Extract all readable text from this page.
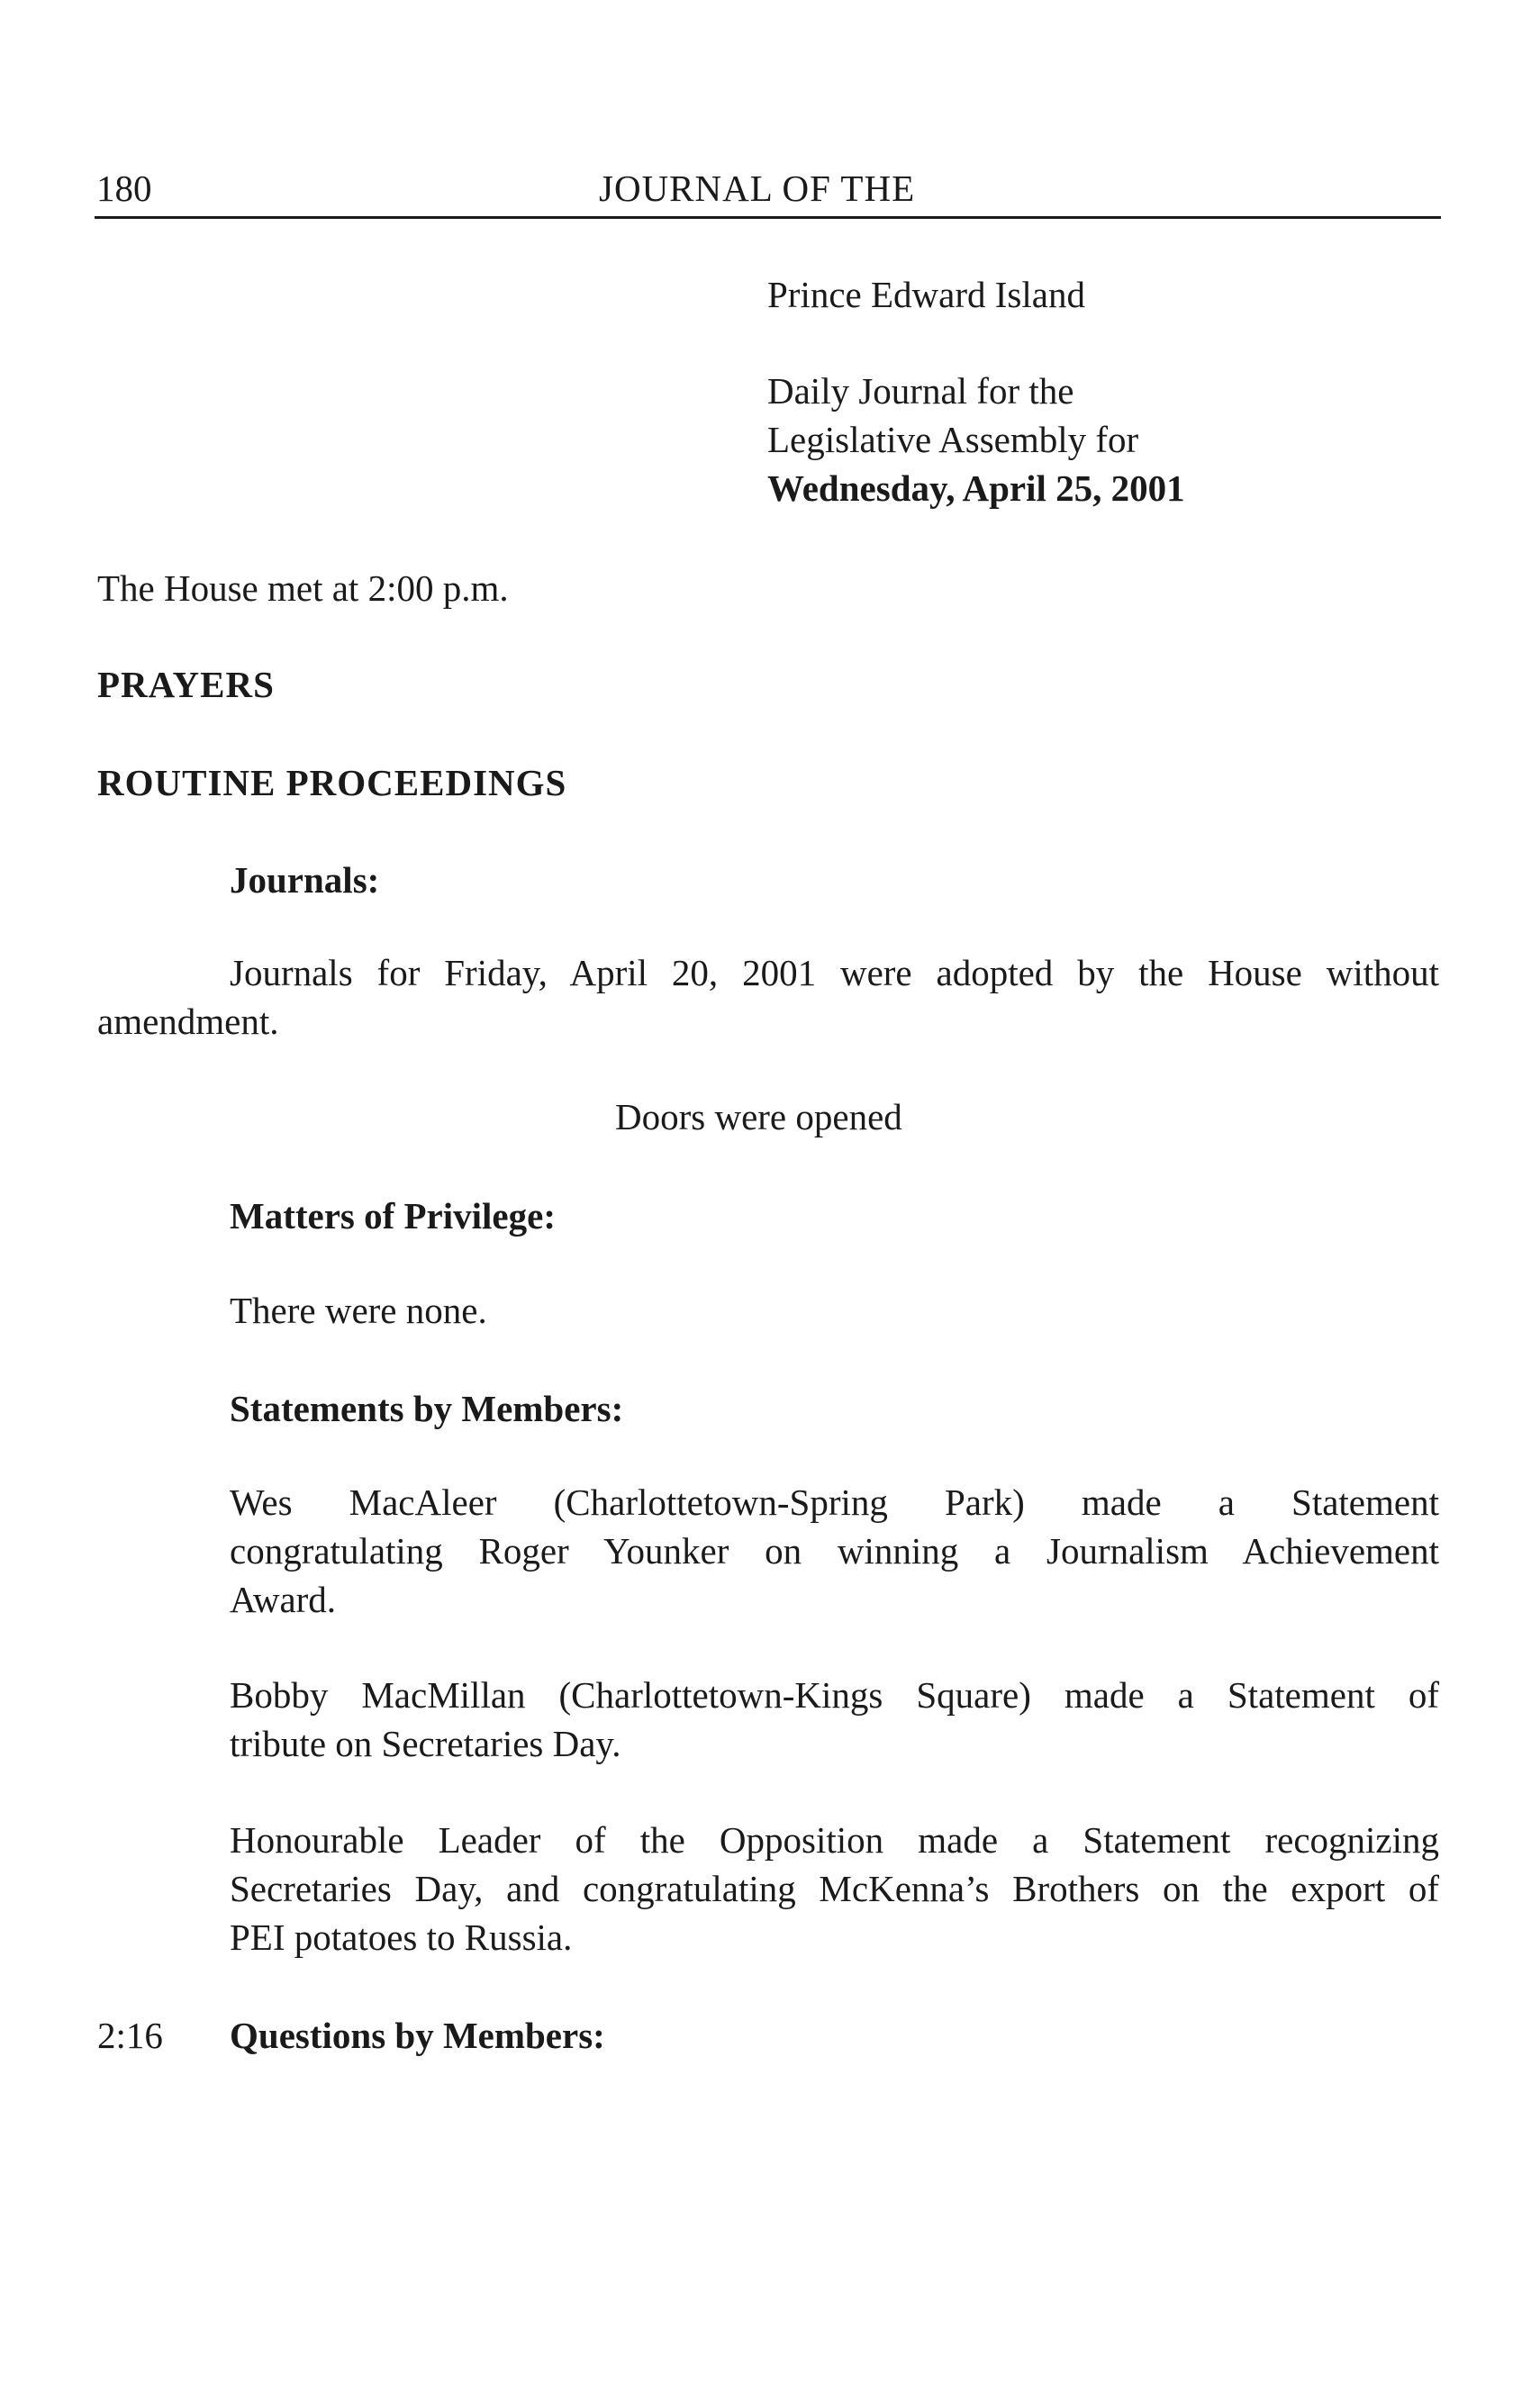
180	JOURNAL OF THE
Prince Edward Island
Daily Journal for the
Legislative Assembly for
Wednesday, April 25, 2001
The House met at 2:00 p.m.
PRAYERS
ROUTINE PROCEEDINGS
Journals:
Journals for Friday, April 20, 2001 were adopted by the House without amendment.
Doors were opened
Matters of Privilege:
There were none.
Statements by Members:
Wes MacAleer (Charlottetown-Spring Park) made a Statement
congratulating Roger Younker on winning a Journalism Achievement
Award.
Bobby MacMillan (Charlottetown-Kings Square) made a Statement of
tribute on Secretaries Day.
Honourable Leader of the Opposition made a Statement recognizing
Secretaries Day, and congratulating McKenna’s Brothers on the export of
PEI potatoes to Russia.
2:16 Questions by Members:
